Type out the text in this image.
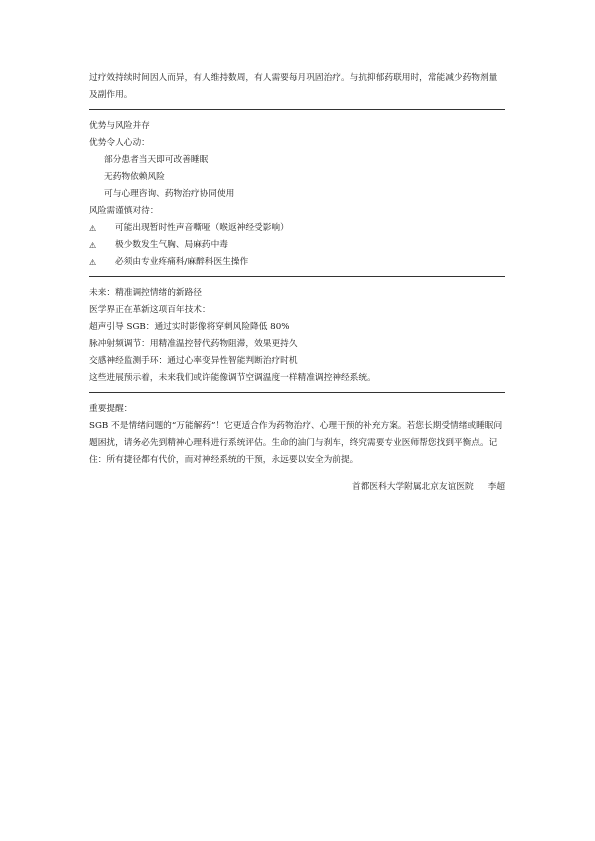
过疗效持续时间因人而异，有人维持数周，有人需要每月巩固治疗。与抗抑郁药联用时，常能减少药物剂量及副作用。

优势与风险并存

优势令人心动：

部分患者当天即可改善睡眠

无药物依赖风险

可与心理咨询、药物治疗协同使用

风险需谨慎对待：

⚠	可能出现暂时性声音嘶哑（喉返神经受影响）
⚠	极少数发生气胸、局麻药中毒
⚠	必须由专业疼痛科/麻醉科医生操作

未来：精准调控情绪的新路径

医学界正在革新这项百年技术：

超声引导 SGB：通过实时影像将穿刺风险降低 80%

脉冲射频调节：用精准温控替代药物阻滞，效果更持久

交感神经监测手环：通过心率变异性智能判断治疗时机

这些进展预示着，未来我们或许能像调节空调温度一样精准调控神经系统。

重要提醒：

SGB 不是情绪问题的“万能解药”！它更适合作为药物治疗、心理干预的补充方案。若您长期受情绪或睡眠问题困扰，请务必先到精神心理科进行系统评估。生命的油门与刹车，终究需要专业医师帮您找到平衡点。记住：所有捷径都有代价，而对神经系统的干预，永远要以安全为前提。

首都医科大学附属北京友谊医院 李超
